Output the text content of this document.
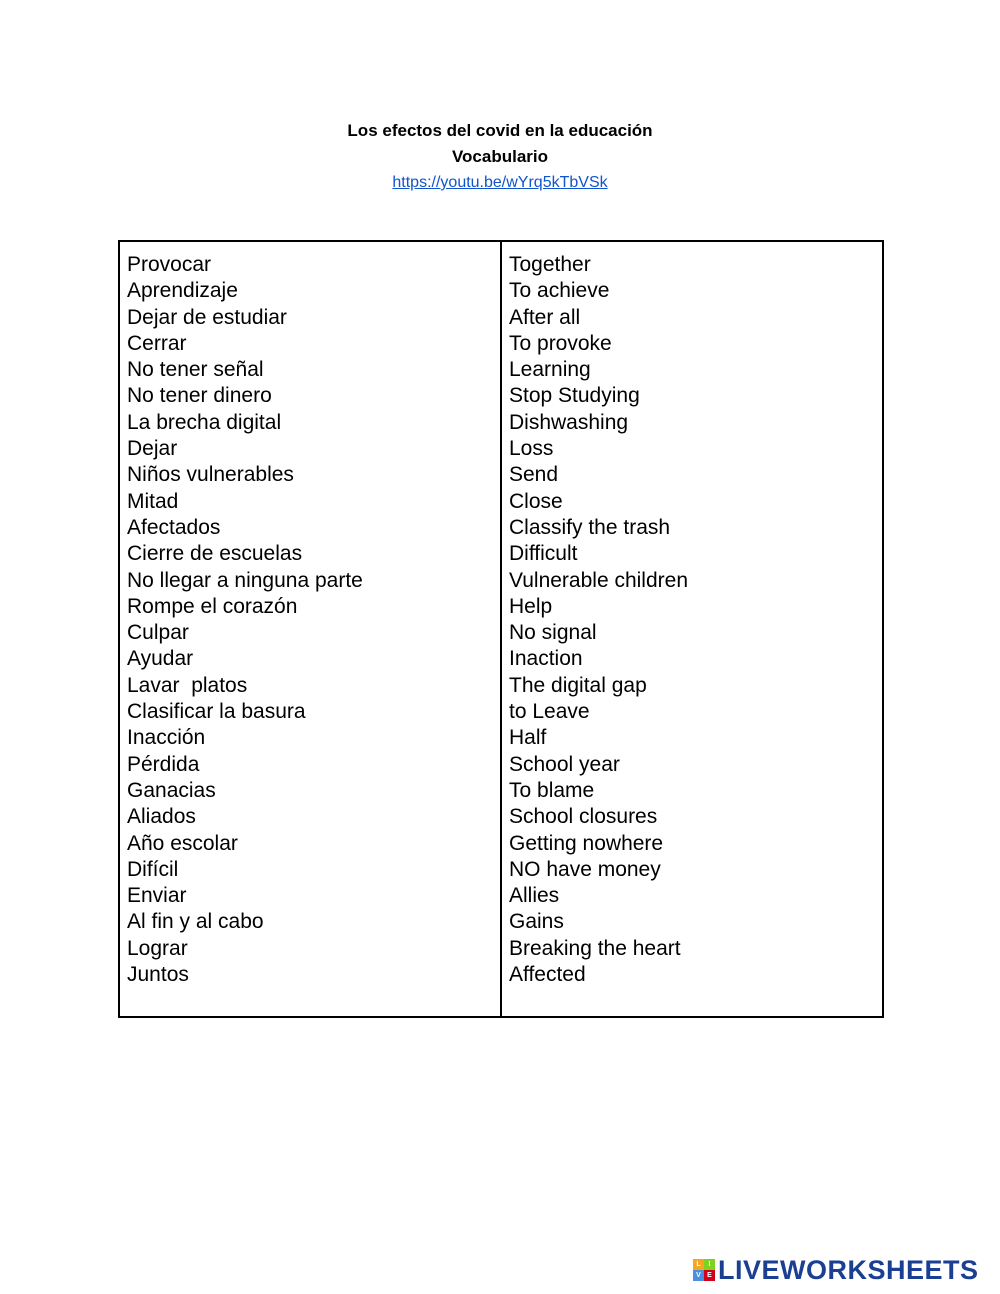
Los efectos del covid en la educación
Vocabulario
https://youtu.be/wYrq5kTbVSk
Provocar
Aprendizaje
Dejar de estudiar
Cerrar
No tener señal
No tener dinero
La brecha digital
Dejar
Niños vulnerables
Mitad
Afectados
Cierre de escuelas
No llegar a ninguna parte
Rompe el corazón
Culpar
Ayudar
Lavar  platos
Clasificar la basura
Inacción
Pérdida
Ganacias
Aliados
Año escolar
Difícil
Enviar
Al fin y al cabo
Lograr
Juntos
Together
To achieve
After all
To provoke
Learning
Stop Studying
Dishwashing
Loss
Send
Close
Classify the trash
Difficult
Vulnerable children
Help
No signal
Inaction
The digital gap
to Leave
Half
School year
To blame
School closures
Getting nowhere
NO have money
Allies
Gains
Breaking the heart
Affected
L	I
V E LIVEWORKSHEETS
